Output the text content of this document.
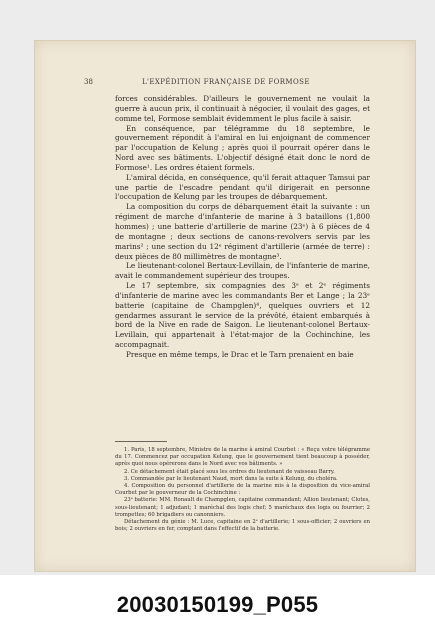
38	L'EXPÉDITION FRANÇAISE DE FORMOSE

forces considérables. D'ailleurs le gouvernement ne voulait la guerre à aucun prix, il continuait à négocier, il voulait des gages, et comme tel, Formose semblait évidemment le plus facile à saisir.

En conséquence, par télégramme du 18 septembre, le gouvernement répondit à l'amiral en lui enjoignant de commencer par l'occupation de Kelung ; après quoi il pourrait opérer dans le Nord avec ses bâtiments. L'objectif désigné était donc le nord de Formose¹. Les ordres étaient formels.

L'amiral décida, en conséquence, qu'il ferait attaquer Tamsui par une partie de l'escadre pendant qu'il dirigerait en personne l'occupation de Kelung par les troupes de débarquement.

La composition du corps de débarquement était la suivante : un régiment de marche d'infanterie de marine à 3 bataillons (1,800 hommes) ; une batterie d'artillerie de marine (23ᵉ) à 6 pièces de 4 de montagne ; deux sections de canons-revolvers servis par les marins² ; une section du 12ᵉ régiment d'artillerie (armée de terre) : deux pièces de 80 millimètres de montagne³.

Le lieutenant-colonel Bertaux-Levillain, de l'infanterie de marine, avait le commandement supérieur des troupes.

Le 17 septembre, six compagnies des 3ᵉ et 2ᵉ régiments d'infanterie de marine avec les commandants Ber et Lange ; la 23ᵉ batterie (capitaine de Champglen)⁴, quelques ouvriers et 12 gendarmes assurant le service de la prévôté, étaient embarqués à bord de la Nive en rade de Saigon. Le lieutenant-colonel Bertaux-Levillain, qui appartenait à l'état-major de la Cochinchine, les accompagnait.

Presque en même temps, le Drac et le Tarn prenaient en baie

1. Paris, 18 septembre, Ministre de la marine à amiral Courbet : « Reçu votre télégramme du 17. Commencez par occupation Kelung, que le gouvernement tient beaucoup à posséder, après quoi nous opérerons dans le Nord avec vos bâtiments. »

2. Ce détachement était placé sous les ordres du lieutenant de vaisseau Barry.

3. Commandée par le lieutenant Naud, mort dans la suite à Kelung, du choléra.

4. Composition du personnel d'artillerie de la marine mis à la disposition du vice-amiral Courbet par le gouverneur de la Cochinchine :

23ᵉ batterie: MM. Ronault de Champglen, capitaine commandant; Allion lieutenant; Clotes, sous-lieutenant; 1 adjudant; 1 maréchal des logis chef; 5 maréchaux des logis ou fourrier; 2 trompettes; 60 brigadiers ou canonniers.

Détachement du génie : M. Luce, capitaine en 2ᵉ d'artillerie; 1 sous-officier; 2 ouvriers en bois; 2 ouvriers en fer, comptant dans l'effectif de la batterie.

20030150199_P055
